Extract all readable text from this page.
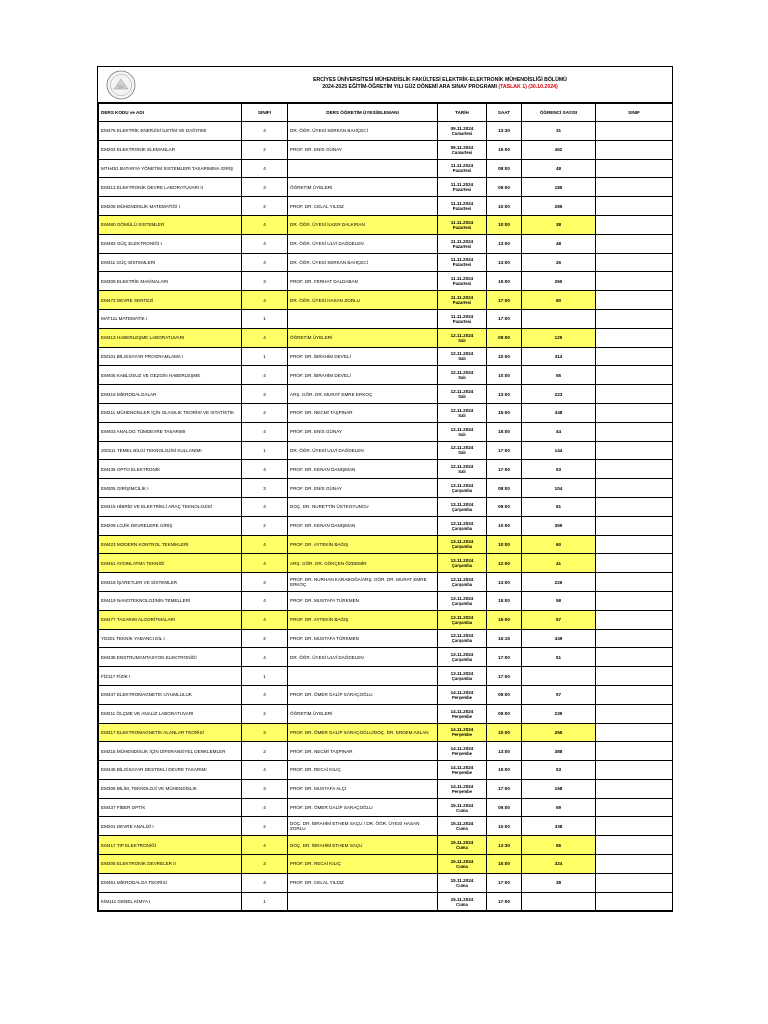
ERCİYES ÜNİVERSİTESİ MÜHENDİSLİK FAKÜLTESİ ELEKTRİK-ELEKTRONİK MÜHENDİSLİĞİ BÖLÜMÜ
2024-2025 EĞİTİM-ÖĞRETİM YILI GÜZ DÖNEMİ ARA SINAV PROGRAMI (TASLAK 1) (30.10.2024)
DERS KODU ve ADI	SINIFI	DERS ÖĞRETİM ÜYESİ/ELEMANI	TARİH	SAAT	ÖĞRENCİ SAYISI	SINIF
EM475 ELEKTRİK ENERJİSİ İLETİM VE DAĞITIMI	4	DR. ÖĞR. ÜYESİ SERKAN BAHÇECİ	09.11.2024
Cumartesi	13:30	31	
EM203 ELEKTRONİK ELEMANLAR	2	PROF. DR. ENİS GÜNAY	09.11.2024
Cumartesi	15:00	452	
MTH481 BATARYA YÖNETİM SİSTEMLERİ TASARIMINA GİRİŞ	4		11.11.2024
Pazartesi	08:00	48	
EM313 ELEKTRONİK DEVRE LABORATUVARI II	3	ÖĞRETİM ÜYELERİ	11.11.2024
Pazartesi	09:00	185	
EM205 MÜHENDİSLİK MATEMATİĞİ I	2	PROF. DR. CELAL YILDIZ	11.11.2024
Pazartesi	10:00	285	
EM480 GÖMÜLÜ SİSTEMLER	4	DR. ÖĞR. ÜYESİ İLKER DALKIRAN	11.11.2024
Pazartesi	10:00	38	
EM483 GÜÇ ELEKTRONİĞİ I	4	DR. ÖĞR. ÜYESİ ULVİ DAĞDELEN	11.11.2024
Pazartesi	13:00	48	
EM411 GÜÇ SİSTEMLERİ	4	DR. ÖĞR. ÜYESİ SERKAN BAHÇECİ	11.11.2024
Pazartesi	13:00	26	
EM309 ELEKTRİK MAKİNALARI	3	PROF. DR. FERHAT DALDABAN	11.11.2024
Pazartesi	15:00	260	
EM473 DEVRE SENTEZİ	4	DR. ÖĞR. ÜYESİ HASAN ZORLU	11.11.2024
Pazartesi	17:00	60	
MAT111 MATEMATİK I	1		11.11.2024
Pazartesi	17:00		
EM413 HABERLEŞME LABORATUVARI	4	ÖĞRETİM ÜYELERİ	12.11.2024
Salı	09:00	125	
EM101 BİLGİSAYAR PROGRAMLAMA I	1	PROF. DR. İBRAHİM DEVELİ	12.11.2024
Salı	10:00	314	
EM405 KABLOSUZ VE GEZGİN HABERLEŞME	4	PROF. DR. İBRAHİM DEVELİ	12.11.2024
Salı	10:00	55	
EM315 MİKRODALGALAR	3	ARŞ. GÖR. DR. MURAT EMRE ERKOÇ	12.11.2024
Salı	13:00	223	
EM211 MÜHENDİSLER İÇİN OLASILIK TEORİSİ VE İSTATİSTİK	2	PROF. DR. NECMİ TAŞPINAR	12.11.2024
Salı	15:00	348	
EM403 ANALOG TÜMDEVRE TASARIMI	4	PROF. DR. ENİS GÜNAY	12.11.2024
Salı	15:00	44	
200111 TEMEL BİLGİ TEKNOLOJİSİ KULLANIMI	1	DR. ÖĞR. ÜYESİ ULVİ DAĞDELEN	12.11.2024
Salı	17:00	144	
EM435 OPTO ELEKTRONİK	4	PROF. DR. KENAN DANIŞMAN	12.11.2024
Salı	17:00	53	
EM305 GİRİŞİMCİLİK I	3	PROF. DR. ENİS GÜNAY	13.11.2024
Çarşamba	08:00	104	
EM415 HİBRİD VE ELEKTRİKLİ ARAÇ TEKNOLOJİSİ	4	DOÇ. DR. NURETTİN ÜSTKOYUNCU	13.11.2024
Çarşamba	09:00	61	
EM209 LOJİK DEVRELERE GİRİŞ	2	PROF. DR. KENAN DANIŞMAN	13.11.2024
Çarşamba	10:00	359	
EM423 MODERN KONTROL TEKNİKLERİ	4	PROF. DR. AYTEKİN BAĞIŞ	13.11.2024
Çarşamba	10:00	60	
EM451 AYDINLATMA TEKNİĞİ	4	ARŞ. GÖR. DR. GÖKÇEN ÖZDEMİR	13.11.2024
Çarşamba	12:00	41	
EM318 İŞARETLER VE SİSTEMLER	3	PROF. DR. NURHAN KARABOĞA/ARŞ. GÖR. DR. MURAT EMRE ERKOÇ	13.11.2024
Çarşamba	13:00	226	
EM419 NANOTEKNOLOJİNİN TEMELLERİ	4	PROF. DR. MUSTAFA TÜRKMEN	13.11.2024
Çarşamba	15:00	58	
EM477 TASARIM ALGORİTMALARI	4	PROF. DR. AYTEKİN BAĞIŞ	13.11.2024
Çarşamba	15:00	57	
YD201 TEKNİK YABANCI DİL I	2	PROF. DR. MUSTAFA TÜRKMEN	13.11.2024
Çarşamba	16:15	349	
EM438 ENSTRUMANTASYON ELEKTRONİĞİ	4	DR. ÖĞR. ÜYESİ ULVİ DAĞDELEN	13.11.2024
Çarşamba	17:00	51	
FİZ117 FİZİK I	1		13.11.2024
Çarşamba	17:00		
EM447 ELEKTROMAGNETİK UYUMLULUK	4	PROF. DR. ÖMER GALİP SARAÇOĞLU	14.11.2024
Perşembe	09:00	57	
EM211 ÖLÇME VE ANALİZ LABORATUVARI	2	ÖĞRETİM ÜYELERİ	14.11.2024
Perşembe	09:00	239	
EM317 ELEKTROMAGNETİK ALANLAR TEORİSİ	3	PROF. DR. ÖMER GALİP SARAÇOĞLU/DOÇ. DR. ERDEM ASLAN	14.11.2024
Perşembe	10:00	255	
EM215 MÜHENDİSLİK İÇİN DİFERANSİYEL DENKLEMLER	2	PROF. DR. NECMİ TAŞPINAR	14.11.2024
Perşembe	13:00	388	
EM445 BİLGİSAYAR DESTEKLİ DEVRE TASARIMI	4	PROF. DR. RECAİ KILIÇ	14.11.2024
Perşembe	15:00	53	
EM306 BİLİM, TEKNOLOJİ VE MÜHENDİSLİK	3	PROF. DR. MUSTAFA ALÇI	14.11.2024
Perşembe	17:00	158	
EM437 FİBER OPTİK	4	PROF. DR. ÖMER GALİP SARAÇOĞLU	15.11.2024
Cuma	09:00	59	
EM201 DEVRE ANALİZİ I	2	DOÇ. DR. İBRAHİM ETHEM SAÇU / DR. ÖĞR. ÜYESİ HASAN ZORLU	15.11.2024
Cuma	10:00	338	
EM417 TIP ELEKTRONİĞİ	4	DOÇ. DR. İBRAHİM ETHEM SAÇU	15.11.2024
Cuma	13:30	55	
EM305 ELEKTRONİK DEVRELER II	3	PROF. DR. RECAİ KILIÇ	15.11.2024
Cuma	15:00	324	
EM461 MİKRODALGA TEORİSİ	4	PROF. DR. CELAL YILDIZ	15.11.2024
Cuma	17:00	38	
KİM111 GENEL KİMYA I	1		15.11.2024
Cuma	17:00		
